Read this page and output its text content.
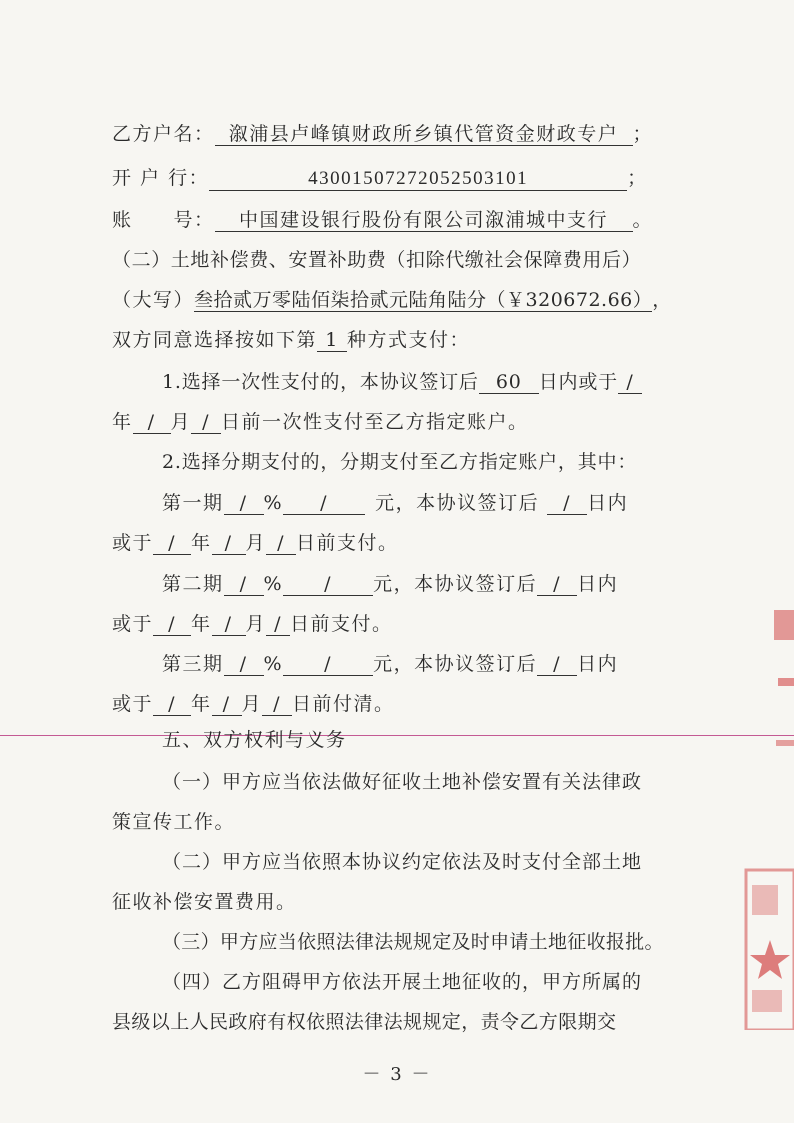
乙方户名： 溆浦县卢峰镇财政所乡镇代管资金财政专户 ；
开 户 行：	43001507272052503101	；
账　　号： 中国建设银行股份有限公司溆浦城中支行 。
（二）土地补偿费、安置补助费（扣除代缴社会保障费用后）
（大写）叁拾贰万零陆佰柒拾贰元陆角陆分（￥320672.66），
双方同意选择按如下第 1 种方式支付：
1.选择一次性支付的，本协议签订后 60 日内或于 /
年 / 月 / 日前一次性支付至乙方指定账户。
2.选择分期支付的，分期支付至乙方指定账户，其中：
第一期 / % / 元，本协议签订后 / 日内
或于 / 年 / 月 / 日前支付。
第二期 / % / 元，本协议签订后 / 日内
或于 / 年 / 月 / 日前支付。
第三期 / % / 元，本协议签订后 / 日内
或于 / 年 / 月 / 日前付清。
五、双方权利与义务
（一）甲方应当依法做好征收土地补偿安置有关法律政
策宣传工作。
（二）甲方应当依照本协议约定依法及时支付全部土地
征收补偿安置费用。
（三）甲方应当依照法律法规规定及时申请土地征收报批。
（四）乙方阻碍甲方依法开展土地征收的，甲方所属的
县级以上人民政府有权依照法律法规规定，责令乙方限期交
－ 3 －
